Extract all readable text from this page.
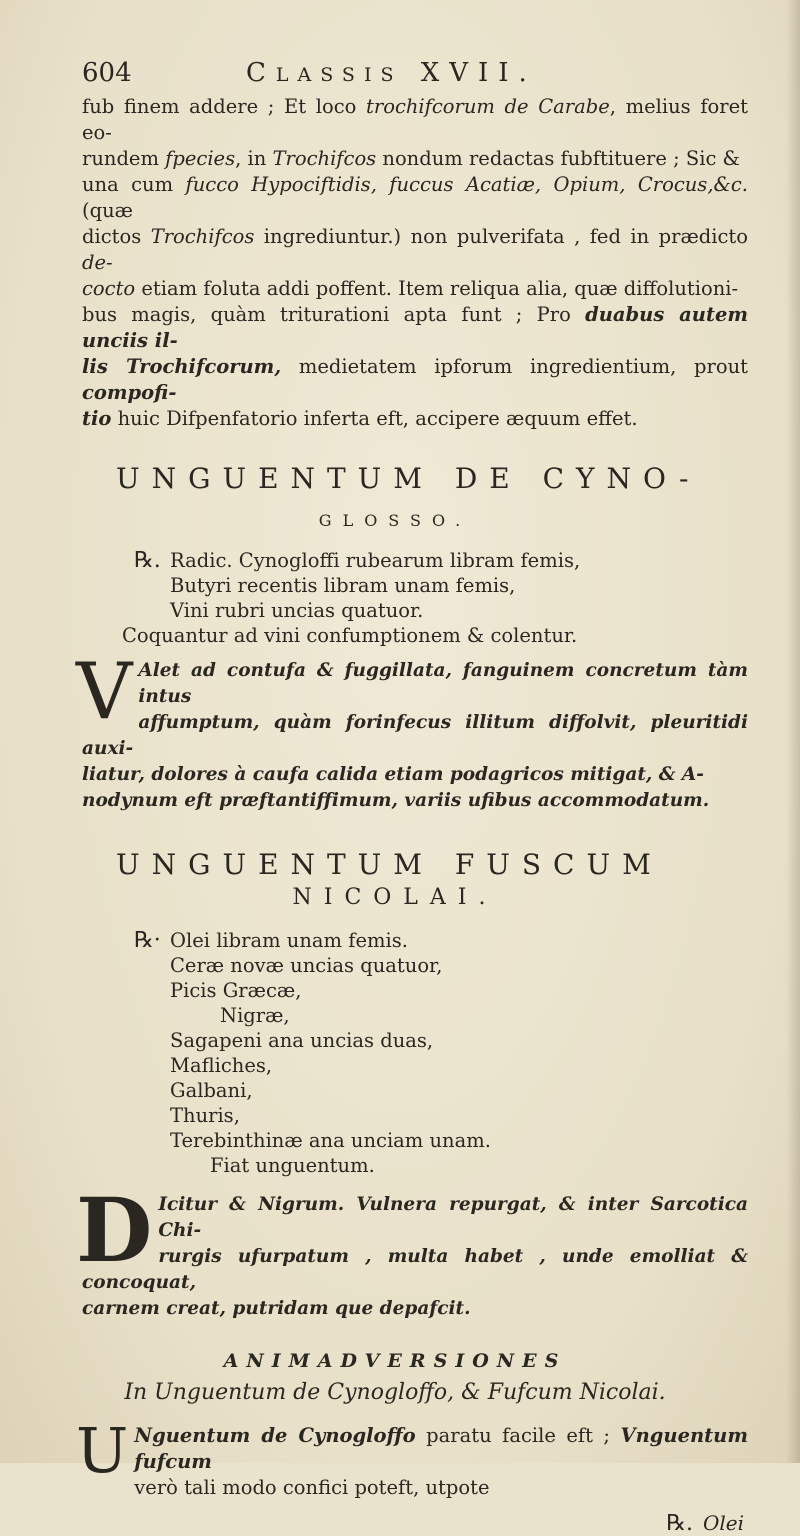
604	CLASSIS XVII.

fub finem addere ; Et loco trochifcorum de Carabe, melius foret eo-
rundem fpecies, in Trochifcos nondum redactas fubftituere ; Sic &
una cum fucco Hypociftidis, fuccus Acatiæ, Opium, Crocus,&c. (quæ
dictos Trochifcos ingrediuntur.) non pulverifata , fed in prædicto de-
cocto etiam foluta addi poffent. Item reliqua alia, quæ diffolutioni-
bus magis, quàm triturationi apta funt ; Pro duabus autem unciis il-
lis Trochifcorum, medietatem ipforum ingredientium, prout compofi-
tio huic Difpenfatorio inferta eft, accipere æquum effet.

UNGUENTUM DE CYNO-
GLOSSO.
℞. Radic. Cynogloffi rubearum libram femis,
Butyri recentis libram unam femis,
Vini rubri uncias quatuor.
Coquantur ad vini confumptionem & colentur.
V Alet ad contufa & fuggillata, fanguinem concretum tàm intus
affumptum, quàm forinfecus illitum diffolvit, pleuritidi auxi-
liatur, dolores à caufa calida etiam podagricos mitigat, & A-
nodynum eft præftantiffimum, variis ufibus accommodatum.

UNGUENTUM FUSCUM
NICOLAI.
℞· Olei libram unam femis.
Ceræ novæ uncias quatuor,
Picis Græcæ,
Nigræ,
Sagapeni ana uncias duas,
Mafliches,
Galbani,
Thuris,
Terebinthinæ ana unciam unam.
Fiat unguentum.
D Icitur & Nigrum. Vulnera repurgat, & inter Sarcotica Chi-
rurgis ufurpatum , multa habet , unde emolliat & concoquat,
carnem creat, putridam que depafcit.

ANIMADVERSIONES
In Unguentum de Cynogloffo, & Fufcum Nicolai.
U Nguentum de Cynogloffo paratu facile eft ; Vnguentum fufcum
verò tali modo confici poteft, utpote

℞. Olei
